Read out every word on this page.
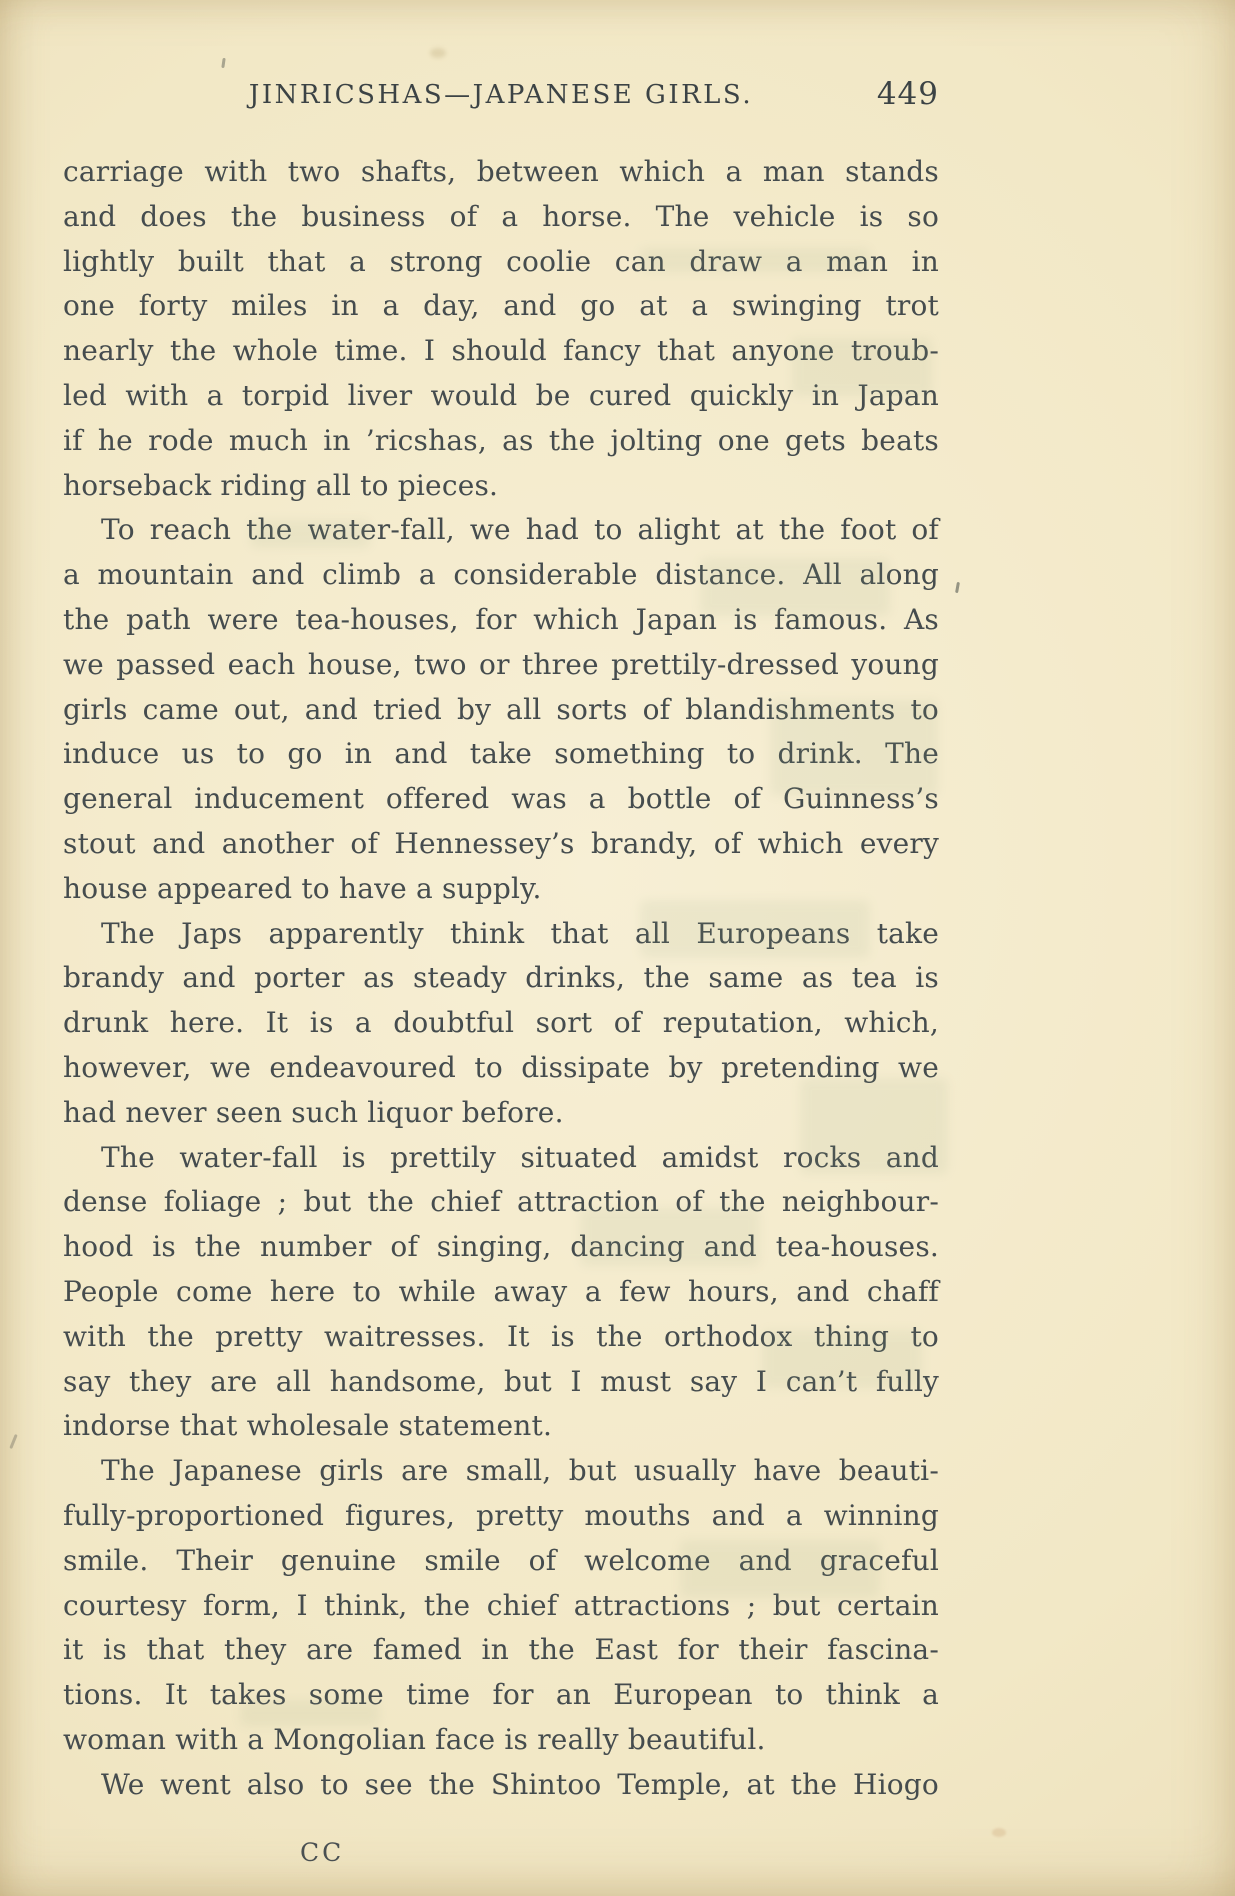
JINRICSHAS—JAPANESE GIRLS.	449
carriage with two shafts, between which a man stands
and does the business of a horse. The vehicle is so
lightly built that a strong coolie can draw a man in
one forty miles in a day, and go at a swinging trot
nearly the whole time. I should fancy that anyone troub-
led with a torpid liver would be cured quickly in Japan
if he rode much in ’ricshas, as the jolting one gets beats
horseback riding all to pieces.
To reach the water-fall, we had to alight at the foot of
a mountain and climb a considerable distance. All along
the path were tea-houses, for which Japan is famous. As
we passed each house, two or three prettily-dressed young
girls came out, and tried by all sorts of blandishments to
induce us to go in and take something to drink. The
general inducement offered was a bottle of Guinness’s
stout and another of Hennessey’s brandy, of which every
house appeared to have a supply.
The Japs apparently think that all Europeans take
brandy and porter as steady drinks, the same as tea is
drunk here. It is a doubtful sort of reputation, which,
however, we endeavoured to dissipate by pretending we
had never seen such liquor before.
The water-fall is prettily situated amidst rocks and
dense foliage ; but the chief attraction of the neighbour-
hood is the number of singing, dancing and tea-houses.
People come here to while away a few hours, and chaff
with the pretty waitresses. It is the orthodox thing to
say they are all handsome, but I must say I can’t fully
indorse that wholesale statement.
The Japanese girls are small, but usually have beauti-
fully-proportioned figures, pretty mouths and a winning
smile. Their genuine smile of welcome and graceful
courtesy form, I think, the chief attractions ; but certain
it is that they are famed in the East for their fascina-
tions. It takes some time for an European to think a
woman with a Mongolian face is really beautiful.
We went also to see the Shintoo Temple, at the Hiogo
CC
